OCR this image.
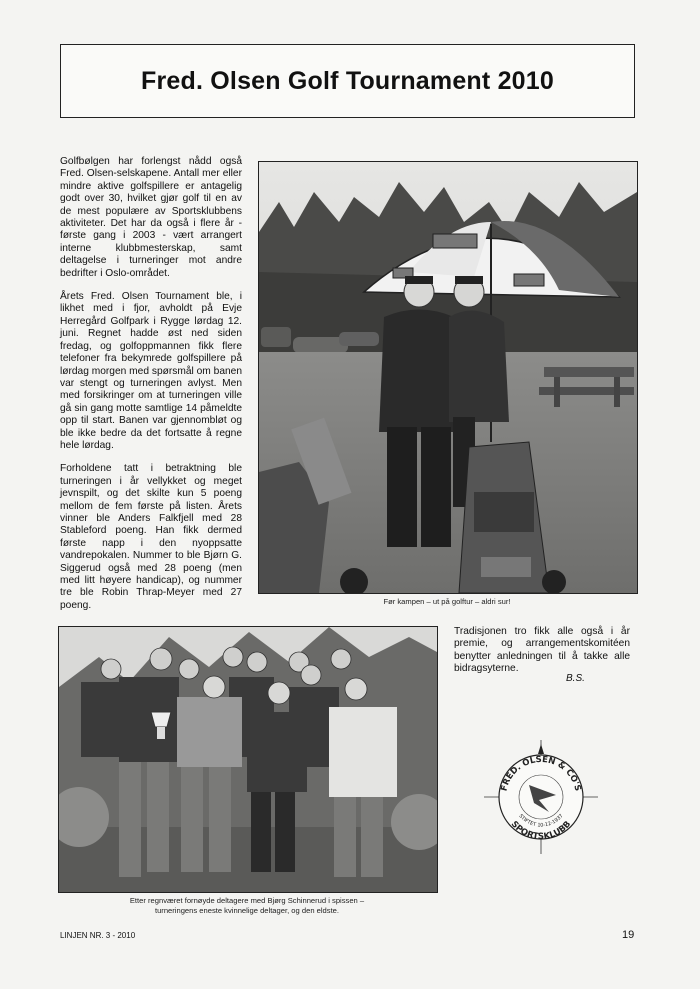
Fred. Olsen Golf Tournament 2010

Golfbølgen har forlengst nådd også Fred. Olsen-selskapene. Antall mer eller mindre aktive golfspillere er antagelig godt over 30, hvilket gjør golf til en av de mest populære av Sportsklubbens aktiviteter. Det har da også i flere år - første gang i 2003 - vært arrangert interne klubbmesterskap, samt deltagelse i turneringer mot andre bedrifter i Oslo-området.

Årets Fred. Olsen Tournament ble, i likhet med i fjor, avholdt på Evje Herregård Golfpark i Rygge lørdag 12. juni. Regnet hadde øst ned siden fredag, og golfoppmannen fikk flere telefoner fra bekymrede golfspillere på lørdag morgen med spørsmål om banen var stengt og turneringen avlyst. Men med forsikringer om at turneringen ville gå sin gang motte samtlige 14 påmeldte opp til start. Banen var gjennombløt og ble ikke bedre da det fortsatte å regne hele lørdag.

Forholdene tatt i betraktning ble turneringen i år vellykket og meget jevnspilt, og det skilte kun 5 poeng mellom de fem første på listen. Årets vinner ble Anders Falkfjell med 28 Stableford poeng. Han fikk dermed første napp i den nyoppsatte vandrepokalen. Nummer to ble Bjørn G. Siggerud også med 28 poeng (men med litt høyere handicap), og nummer tre ble Robin Thrap-Meyer med 27 poeng.	Før kampen – ut på golftur – aldri sur!
Etter regnværet fornøyde deltagere med Bjørg Schinnerud i spissen –
turneringens eneste kvinnelige deltager, og den eldste.
Tradisjonen tro fikk alle også i år premie, og arrangementskomitéen benytter anledningen til å takke alle bidragsyterne.
B.S.
FRED. OLSEN & CO'S
SPORTSKLUBB
STIFTET 10-12-1937
LINJEN NR. 3 - 2010	19
